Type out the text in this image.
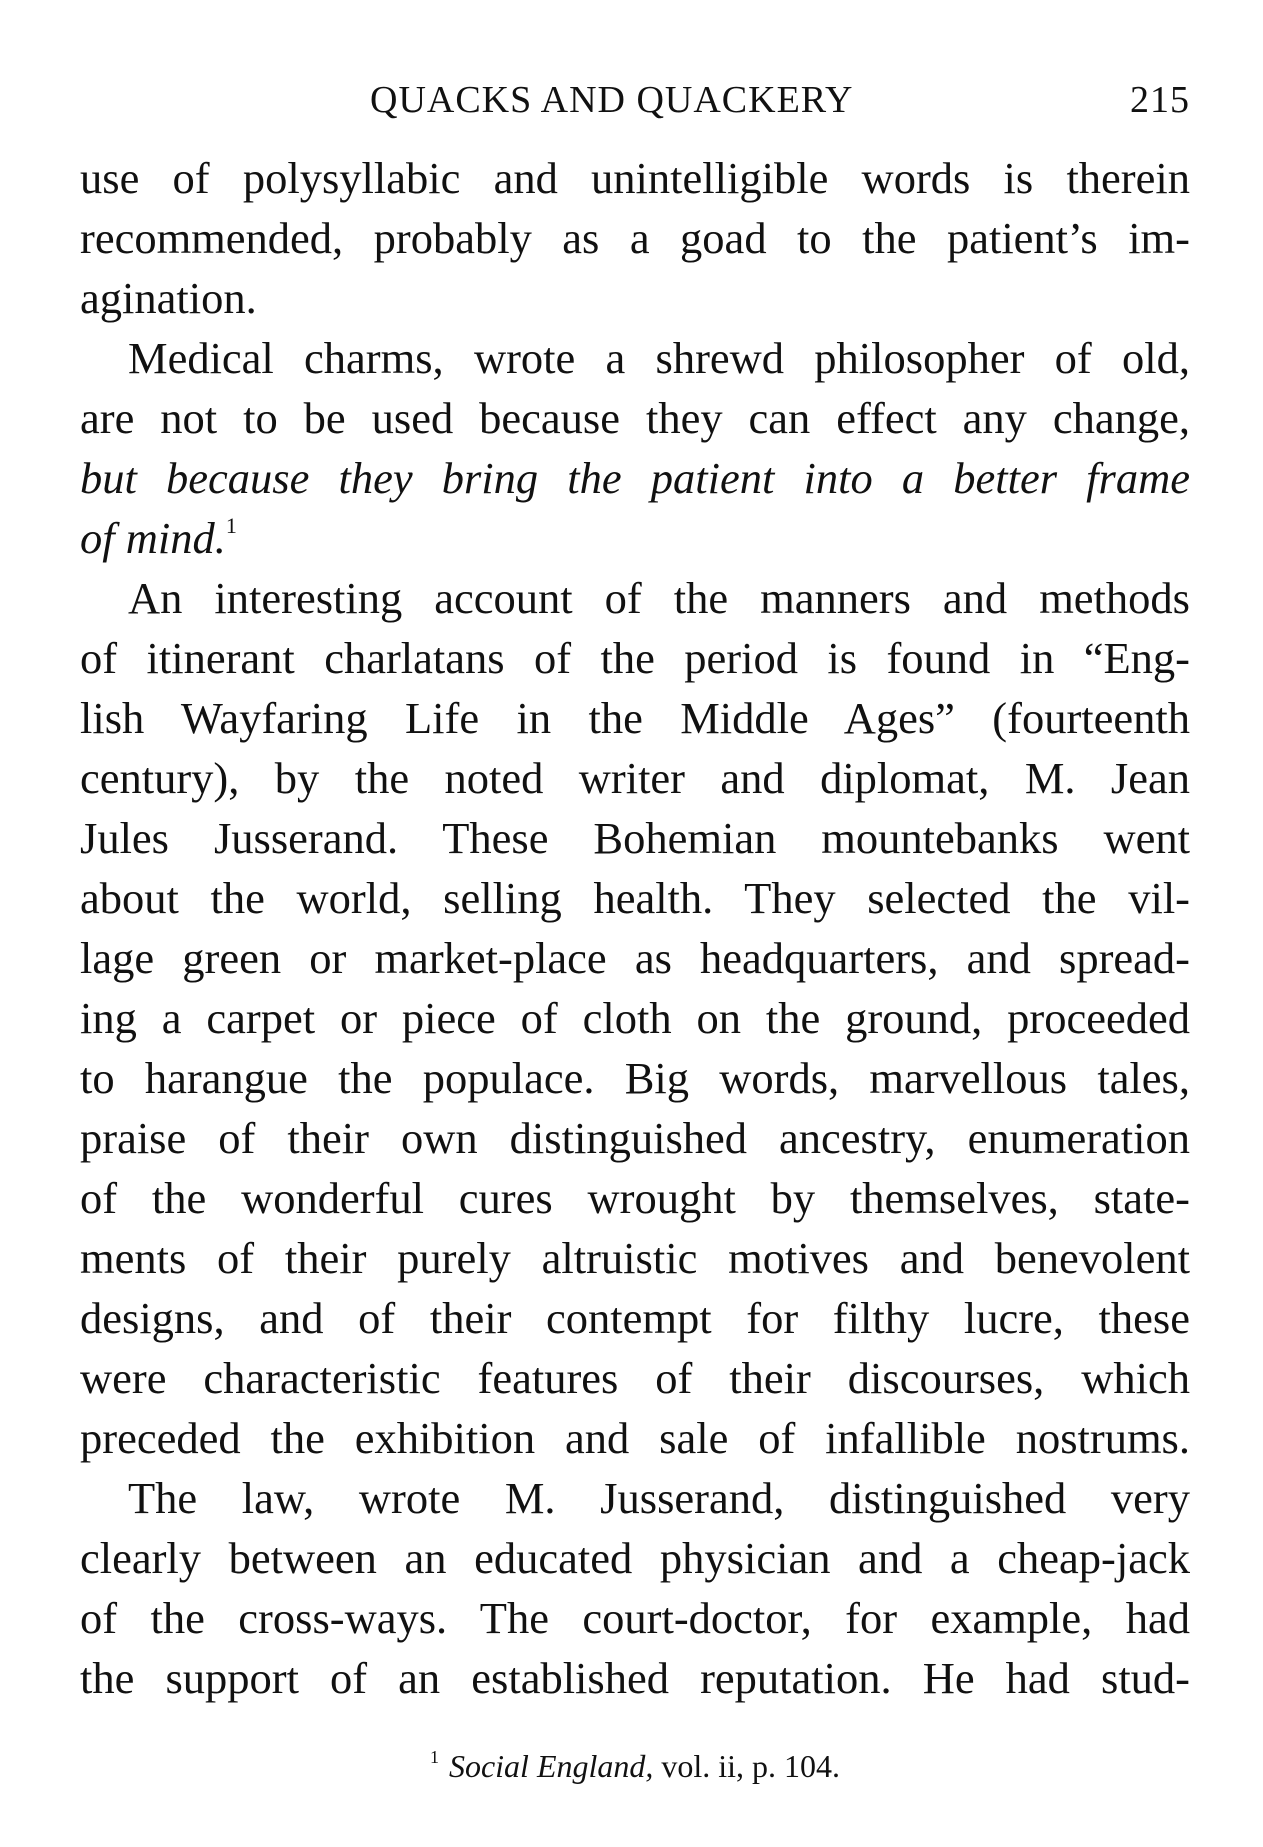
QUACKS AND QUACKERY	215
use of polysyllabic and unintelligible words is therein
recommended, probably as a goad to the patient’s im-
agination.
Medical charms, wrote a shrewd philosopher of old,
are not to be used because they can effect any change,
but because they bring the patient into a better frame
of mind.$^1$
An interesting account of the manners and methods
of itinerant charlatans of the period is found in “Eng-
lish Wayfaring Life in the Middle Ages” (fourteenth
century), by the noted writer and diplomat, M. Jean
Jules Jusserand. These Bohemian mountebanks went
about the world, selling health. They selected the vil-
lage green or market-place as headquarters, and spread-
ing a carpet or piece of cloth on the ground, proceeded
to harangue the populace. Big words, marvellous tales,
praise of their own distinguished ancestry, enumeration
of the wonderful cures wrought by themselves, state-
ments of their purely altruistic motives and benevolent
designs, and of their contempt for filthy lucre, these
were characteristic features of their discourses, which
preceded the exhibition and sale of infallible nostrums.
The law, wrote M. Jusserand, distinguished very
clearly between an educated physician and a cheap-jack
of the cross-ways. The court-doctor, for example, had
the support of an established reputation. He had stud-
$^1$ Social England, vol. ii, p. 104.
